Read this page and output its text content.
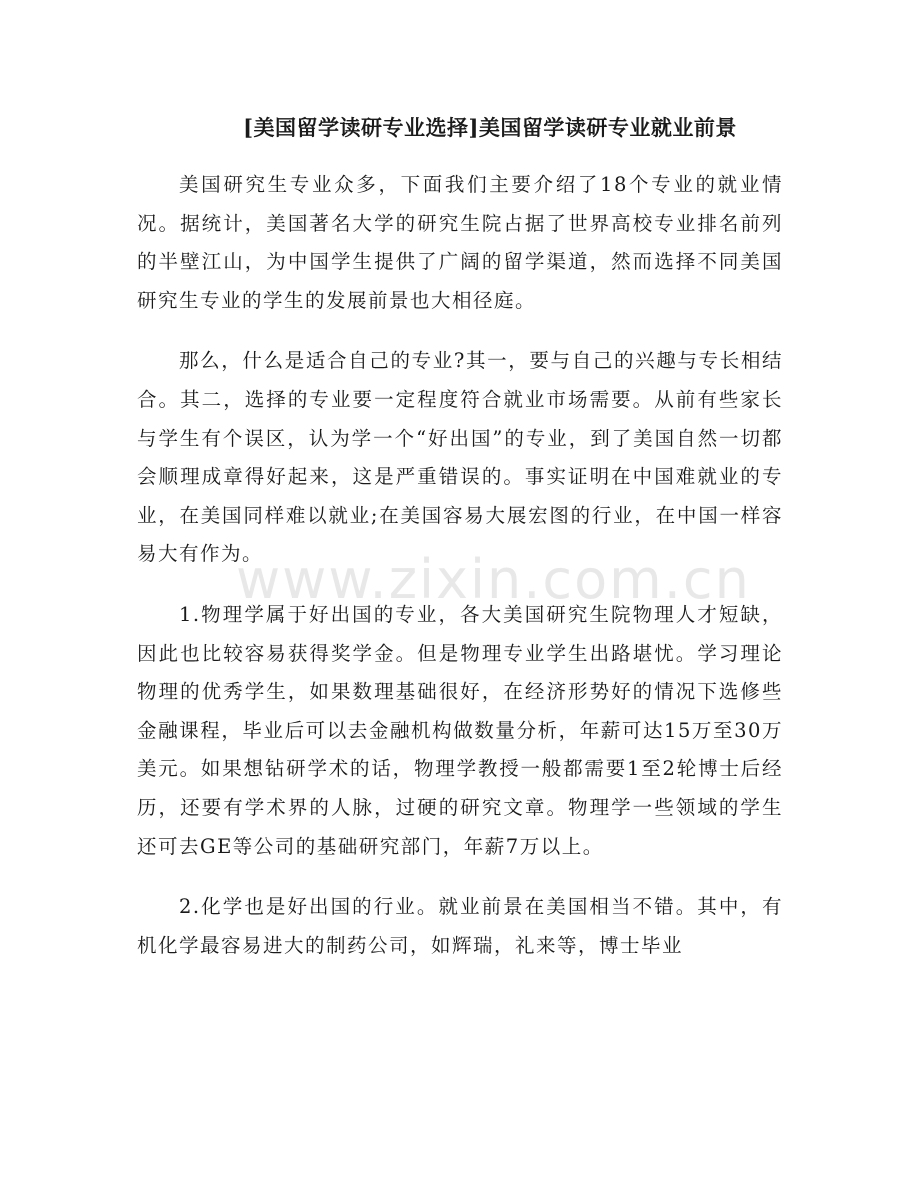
[美国留学读研专业选择]美国留学读研专业就业前景

美国研究生专业众多，下面我们主要介绍了18个专业的就业情况。据统计，美国著名大学的研究生院占据了世界高校专业排名前列的半壁江山，为中国学生提供了广阔的留学渠道，然而选择不同美国研究生专业的学生的发展前景也大相径庭。

那么，什么是适合自己的专业?其一，要与自己的兴趣与专长相结合。其二，选择的专业要一定程度符合就业市场需要。从前有些家长与学生有个误区，认为学一个“好出国”的专业，到了美国自然一切都会顺理成章得好起来，这是严重错误的。事实证明在中国难就业的专业，在美国同样难以就业;在美国容易大展宏图的行业，在中国一样容易大有作为。

1.物理学属于好出国的专业，各大美国研究生院物理人才短缺，因此也比较容易获得奖学金。但是物理专业学生出路堪忧。学习理论物理的优秀学生，如果数理基础很好，在经济形势好的情况下选修些金融课程，毕业后可以去金融机构做数量分析，年薪可达15万至30万美元。如果想钻研学术的话，物理学教授一般都需要1至2轮博士后经历，还要有学术界的人脉，过硬的研究文章。物理学一些领域的学生还可去GE等公司的基础研究部门，年薪7万以上。

2.化学也是好出国的行业。就业前景在美国相当不错。其中，有机化学最容易进大的制药公司，如辉瑞，礼来等，博士毕业

www.zixin.com.cn
